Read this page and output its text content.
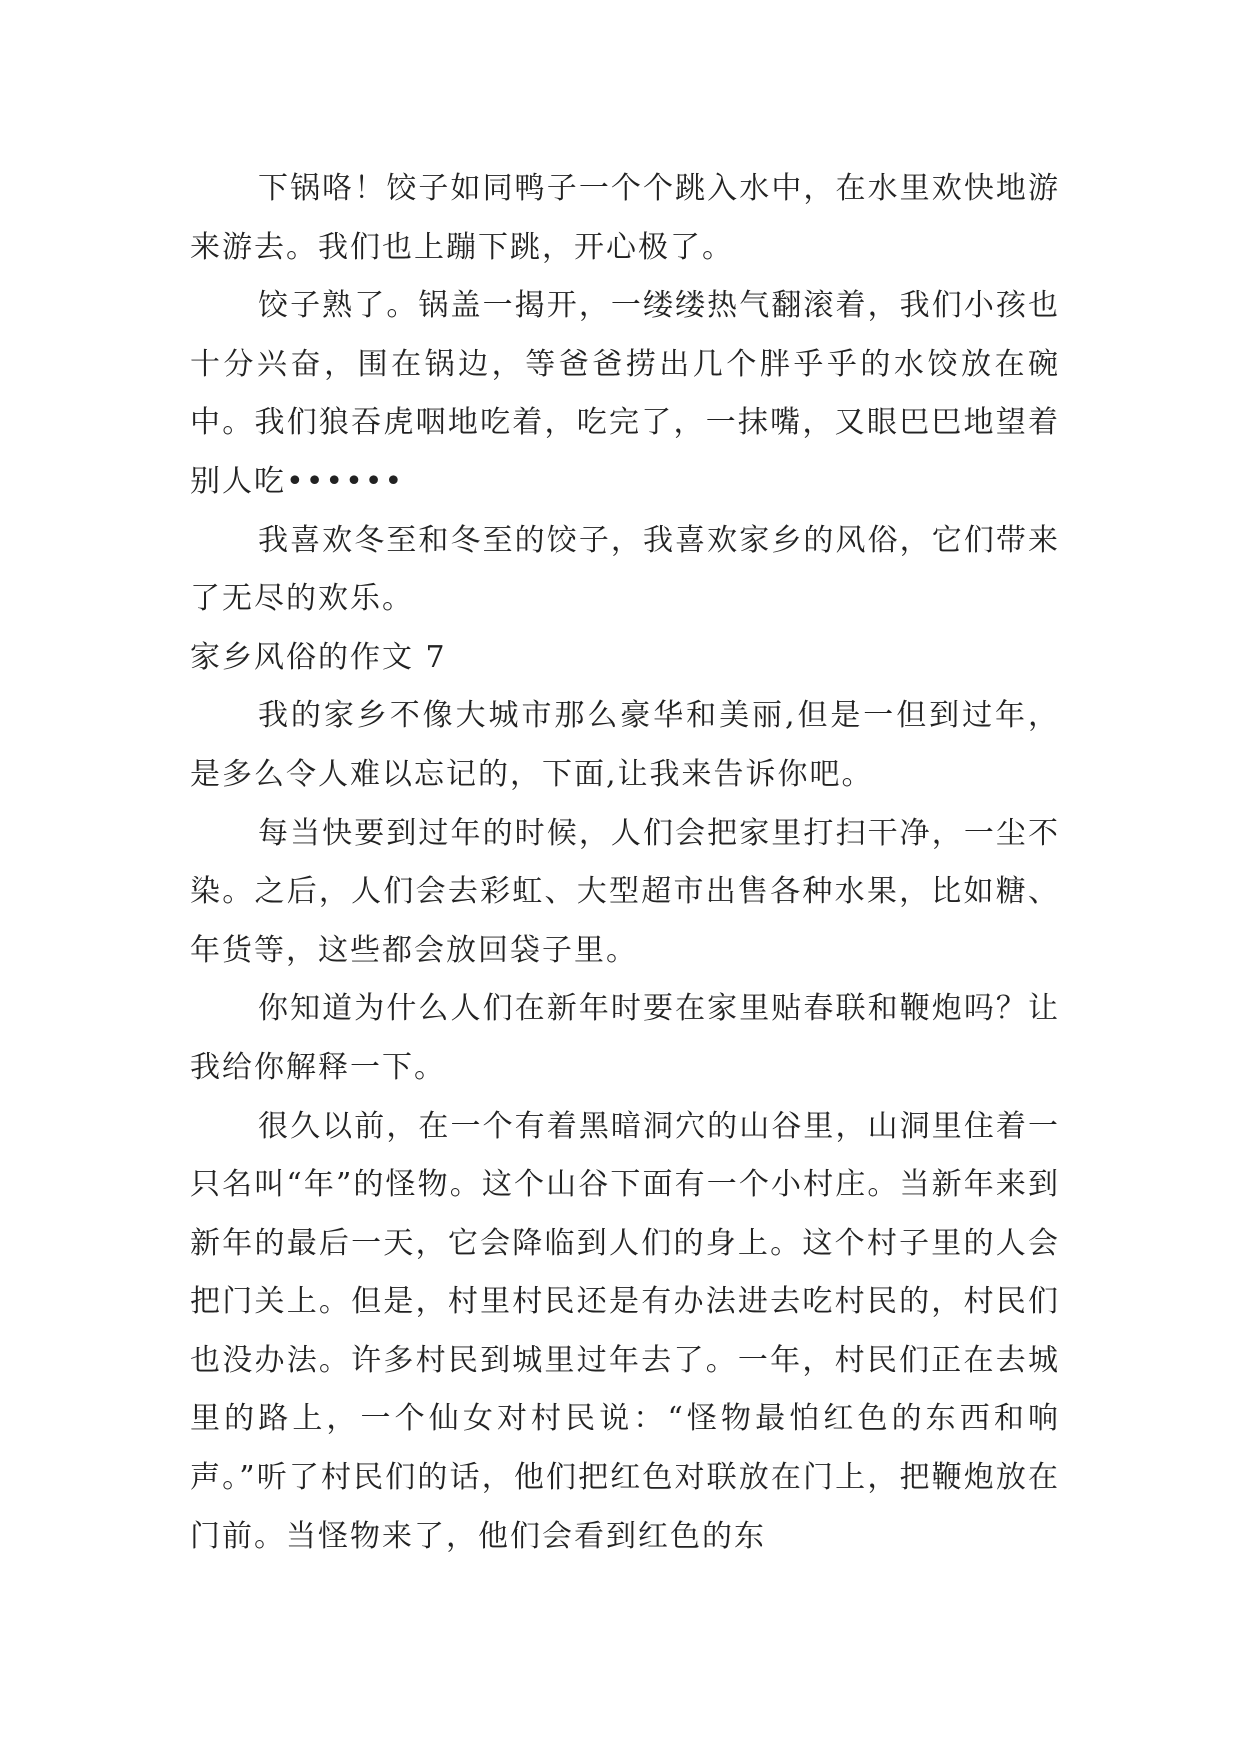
下锅咯！饺子如同鸭子一个个跳入水中，在水里欢快地游来游去。我们也上蹦下跳，开心极了。

饺子熟了。锅盖一揭开，一缕缕热气翻滚着，我们小孩也十分兴奋，围在锅边，等爸爸捞出几个胖乎乎的水饺放在碗中。我们狼吞虎咽地吃着，吃完了，一抹嘴，又眼巴巴地望着别人吃••••••

我喜欢冬至和冬至的饺子，我喜欢家乡的风俗，它们带来了无尽的欢乐。

家乡风俗的作文 7

我的家乡不像大城市那么豪华和美丽,但是一但到过年，是多么令人难以忘记的，下面,让我来告诉你吧。

每当快要到过年的时候，人们会把家里打扫干净，一尘不染。之后，人们会去彩虹、大型超市出售各种水果，比如糖、年货等，这些都会放回袋子里。

你知道为什么人们在新年时要在家里贴春联和鞭炮吗？让我给你解释一下。

很久以前，在一个有着黑暗洞穴的山谷里，山洞里住着一只名叫“年”的怪物。这个山谷下面有一个小村庄。当新年来到新年的最后一天，它会降临到人们的身上。这个村子里的人会把门关上。但是，村里村民还是有办法进去吃村民的，村民们也没办法。许多村民到城里过年去了。一年，村民们正在去城里的路上，一个仙女对村民说：“怪物最怕红色的东西和响声。”听了村民们的话，他们把红色对联放在门上，把鞭炮放在门前。当怪物来了，他们会看到红色的东
